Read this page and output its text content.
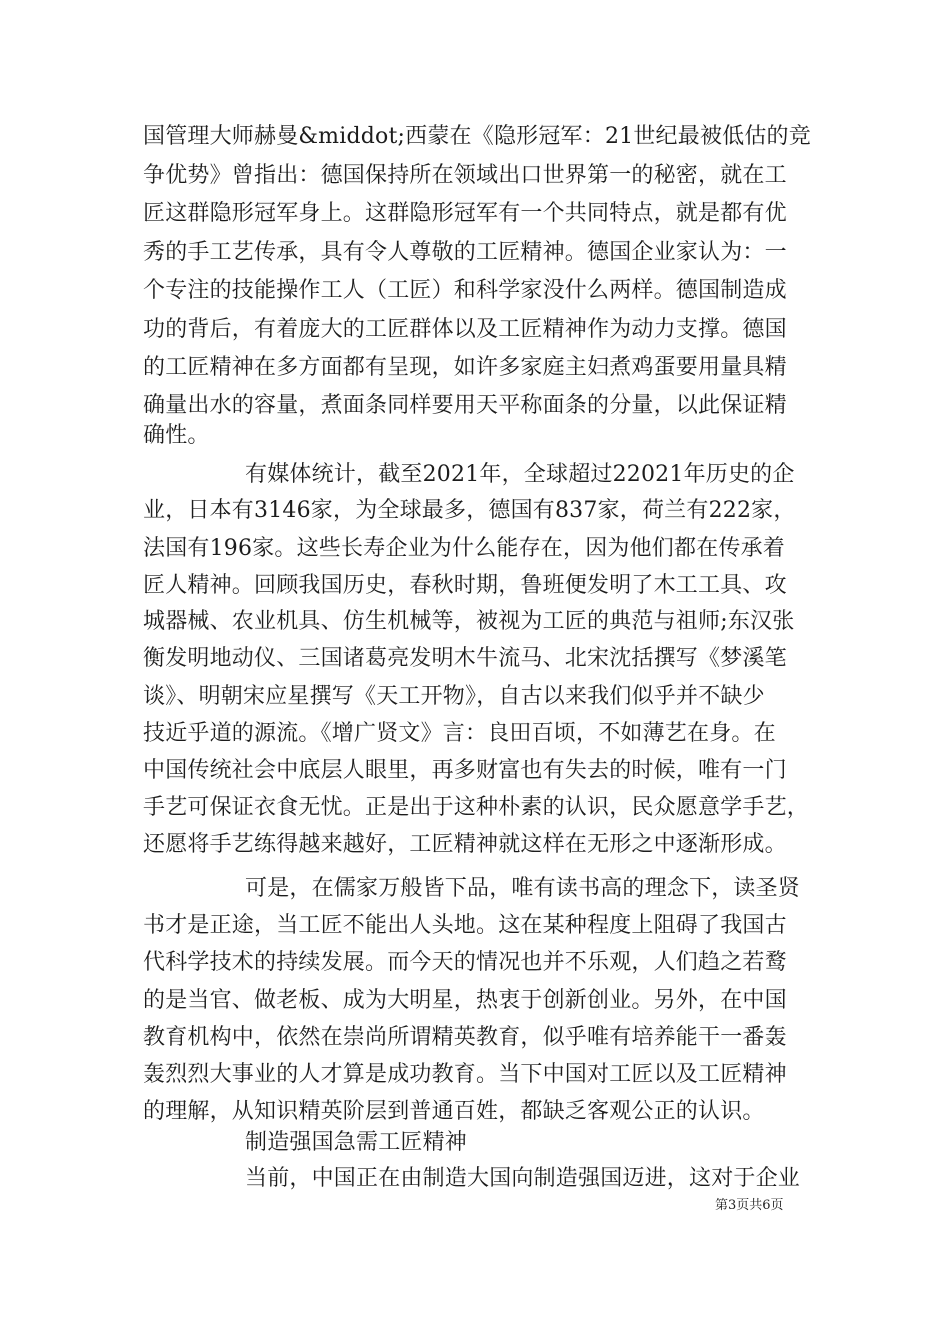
国管理大师赫曼&middot;西蒙在《隐形冠军：21世纪最被低估的竞
争优势》曾指出：德国保持所在领域出口世界第一的秘密，就在工
匠这群隐形冠军身上。这群隐形冠军有一个共同特点，就是都有优
秀的手工艺传承，具有令人尊敬的工匠精神。德国企业家认为：一
个专注的技能操作工人（工匠）和科学家没什么两样。德国制造成
功的背后，有着庞大的工匠群体以及工匠精神作为动力支撑。德国
的工匠精神在多方面都有呈现，如许多家庭主妇煮鸡蛋要用量具精
确量出水的容量，煮面条同样要用天平称面条的分量，以此保证精
确性。
有媒体统计，截至2021年，全球超过22021年历史的企
业，日本有3146家，为全球最多，德国有837家，荷兰有222家，
法国有196家。这些长寿企业为什么能存在，因为他们都在传承着
匠人精神。回顾我国历史，春秋时期，鲁班便发明了木工工具、攻
城器械、农业机具、仿生机械等，被视为工匠的典范与祖师;东汉张
衡发明地动仪、三国诸葛亮发明木牛流马、北宋沈括撰写《梦溪笔
谈》、明朝宋应星撰写《天工开物》，自古以来我们似乎并不缺少
技近乎道的源流。《增广贤文》言：良田百顷，不如薄艺在身。在
中国传统社会中底层人眼里，再多财富也有失去的时候，唯有一门
手艺可保证衣食无忧。正是出于这种朴素的认识，民众愿意学手艺，
还愿将手艺练得越来越好，工匠精神就这样在无形之中逐渐形成。
可是，在儒家万般皆下品，唯有读书高的理念下，读圣贤
书才是正途，当工匠不能出人头地。这在某种程度上阻碍了我国古
代科学技术的持续发展。而今天的情况也并不乐观，人们趋之若鹜
的是当官、做老板、成为大明星，热衷于创新创业。另外，在中国
教育机构中，依然在崇尚所谓精英教育，似乎唯有培养能干一番轰
轰烈烈大事业的人才算是成功教育。当下中国对工匠以及工匠精神
的理解，从知识精英阶层到普通百姓，都缺乏客观公正的认识。
制造强国急需工匠精神
当前，中国正在由制造大国向制造强国迈进，这对于企业
第3页共6页
